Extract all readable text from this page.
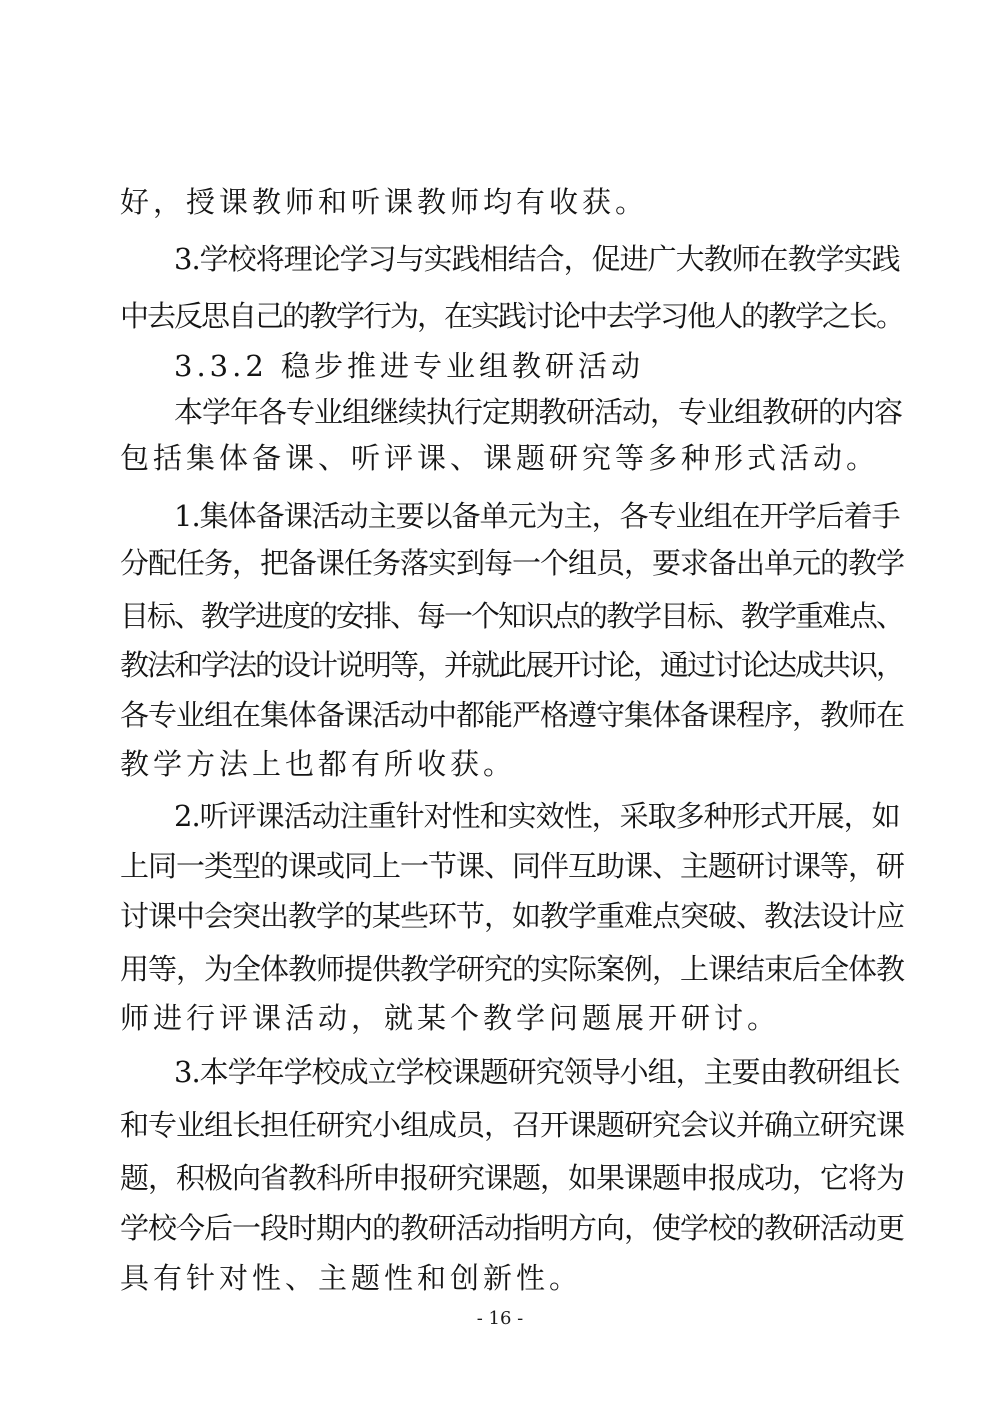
好，授课教师和听课教师均有收获。
3.学校将理论学习与实践相结合，促进广大教师在教学实践
中去反思自己的教学行为，在实践讨论中去学习他人的教学之长。
3.3.2 稳步推进专业组教研活动
本学年各专业组继续执行定期教研活动，专业组教研的内容
包括集体备课、听评课、课题研究等多种形式活动。
1.集体备课活动主要以备单元为主，各专业组在开学后着手
分配任务，把备课任务落实到每一个组员，要求备出单元的教学
目标、教学进度的安排、每一个知识点的教学目标、教学重难点、
教法和学法的设计说明等，并就此展开讨论，通过讨论达成共识，
各专业组在集体备课活动中都能严格遵守集体备课程序，教师在
教学方法上也都有所收获。
2.听评课活动注重针对性和实效性，采取多种形式开展，如
上同一类型的课或同上一节课、同伴互助课、主题研讨课等，研
讨课中会突出教学的某些环节，如教学重难点突破、教法设计应
用等，为全体教师提供教学研究的实际案例，上课结束后全体教
师进行评课活动，就某个教学问题展开研讨。
3.本学年学校成立学校课题研究领导小组，主要由教研组长
和专业组长担任研究小组成员，召开课题研究会议并确立研究课
题，积极向省教科所申报研究课题，如果课题申报成功，它将为
学校今后一段时期内的教研活动指明方向，使学校的教研活动更
具有针对性、主题性和创新性。
- 16 -
